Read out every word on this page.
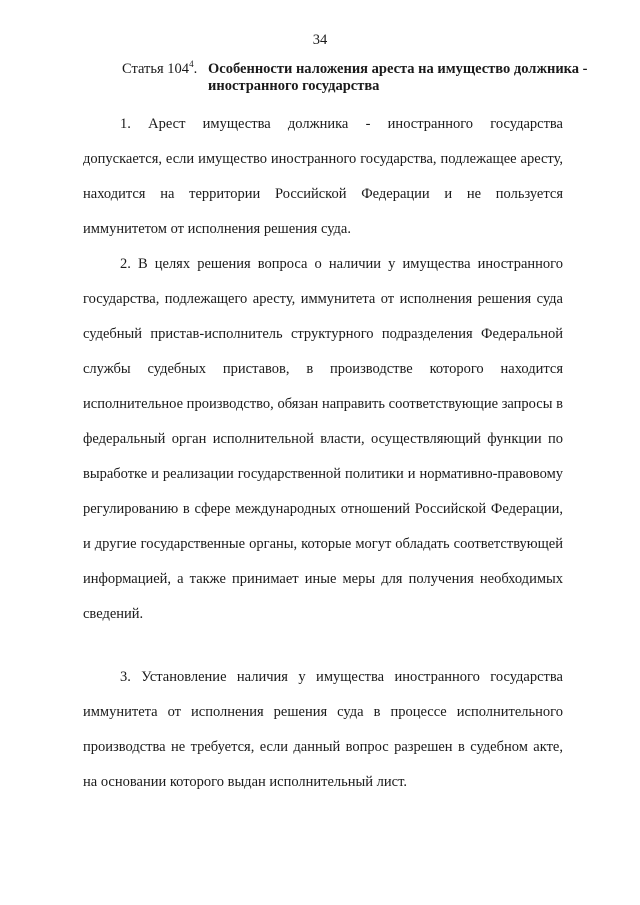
34
Статья $104^4$. Особенности наложения ареста на имущество должника - иностранного государства

1. Арест имущества должника - иностранного государства допускается, если имущество иностранного государства, подлежащее аресту, находится на территории Российской Федерации и не пользуется иммунитетом от исполнения решения суда.

2. В целях решения вопроса о наличии у имущества иностранного государства, подлежащего аресту, иммунитета от исполнения решения суда судебный пристав-исполнитель структурного подразделения Федеральной службы судебных приставов, в производстве которого находится исполнительное производство, обязан направить соответствующие запросы в федеральный орган исполнительной власти, осуществляющий функции по выработке и реализации государственной политики и нормативно-правовому регулированию в сфере международных отношений Российской Федерации, и другие государственные органы, которые могут обладать соответствующей информацией, а также принимает иные меры для получения необходимых сведений.

3. Установление наличия у имущества иностранного государства иммунитета от исполнения решения суда в процессе исполнительного производства не требуется, если данный вопрос разрешен в судебном акте, на основании которого выдан исполнительный лист.
